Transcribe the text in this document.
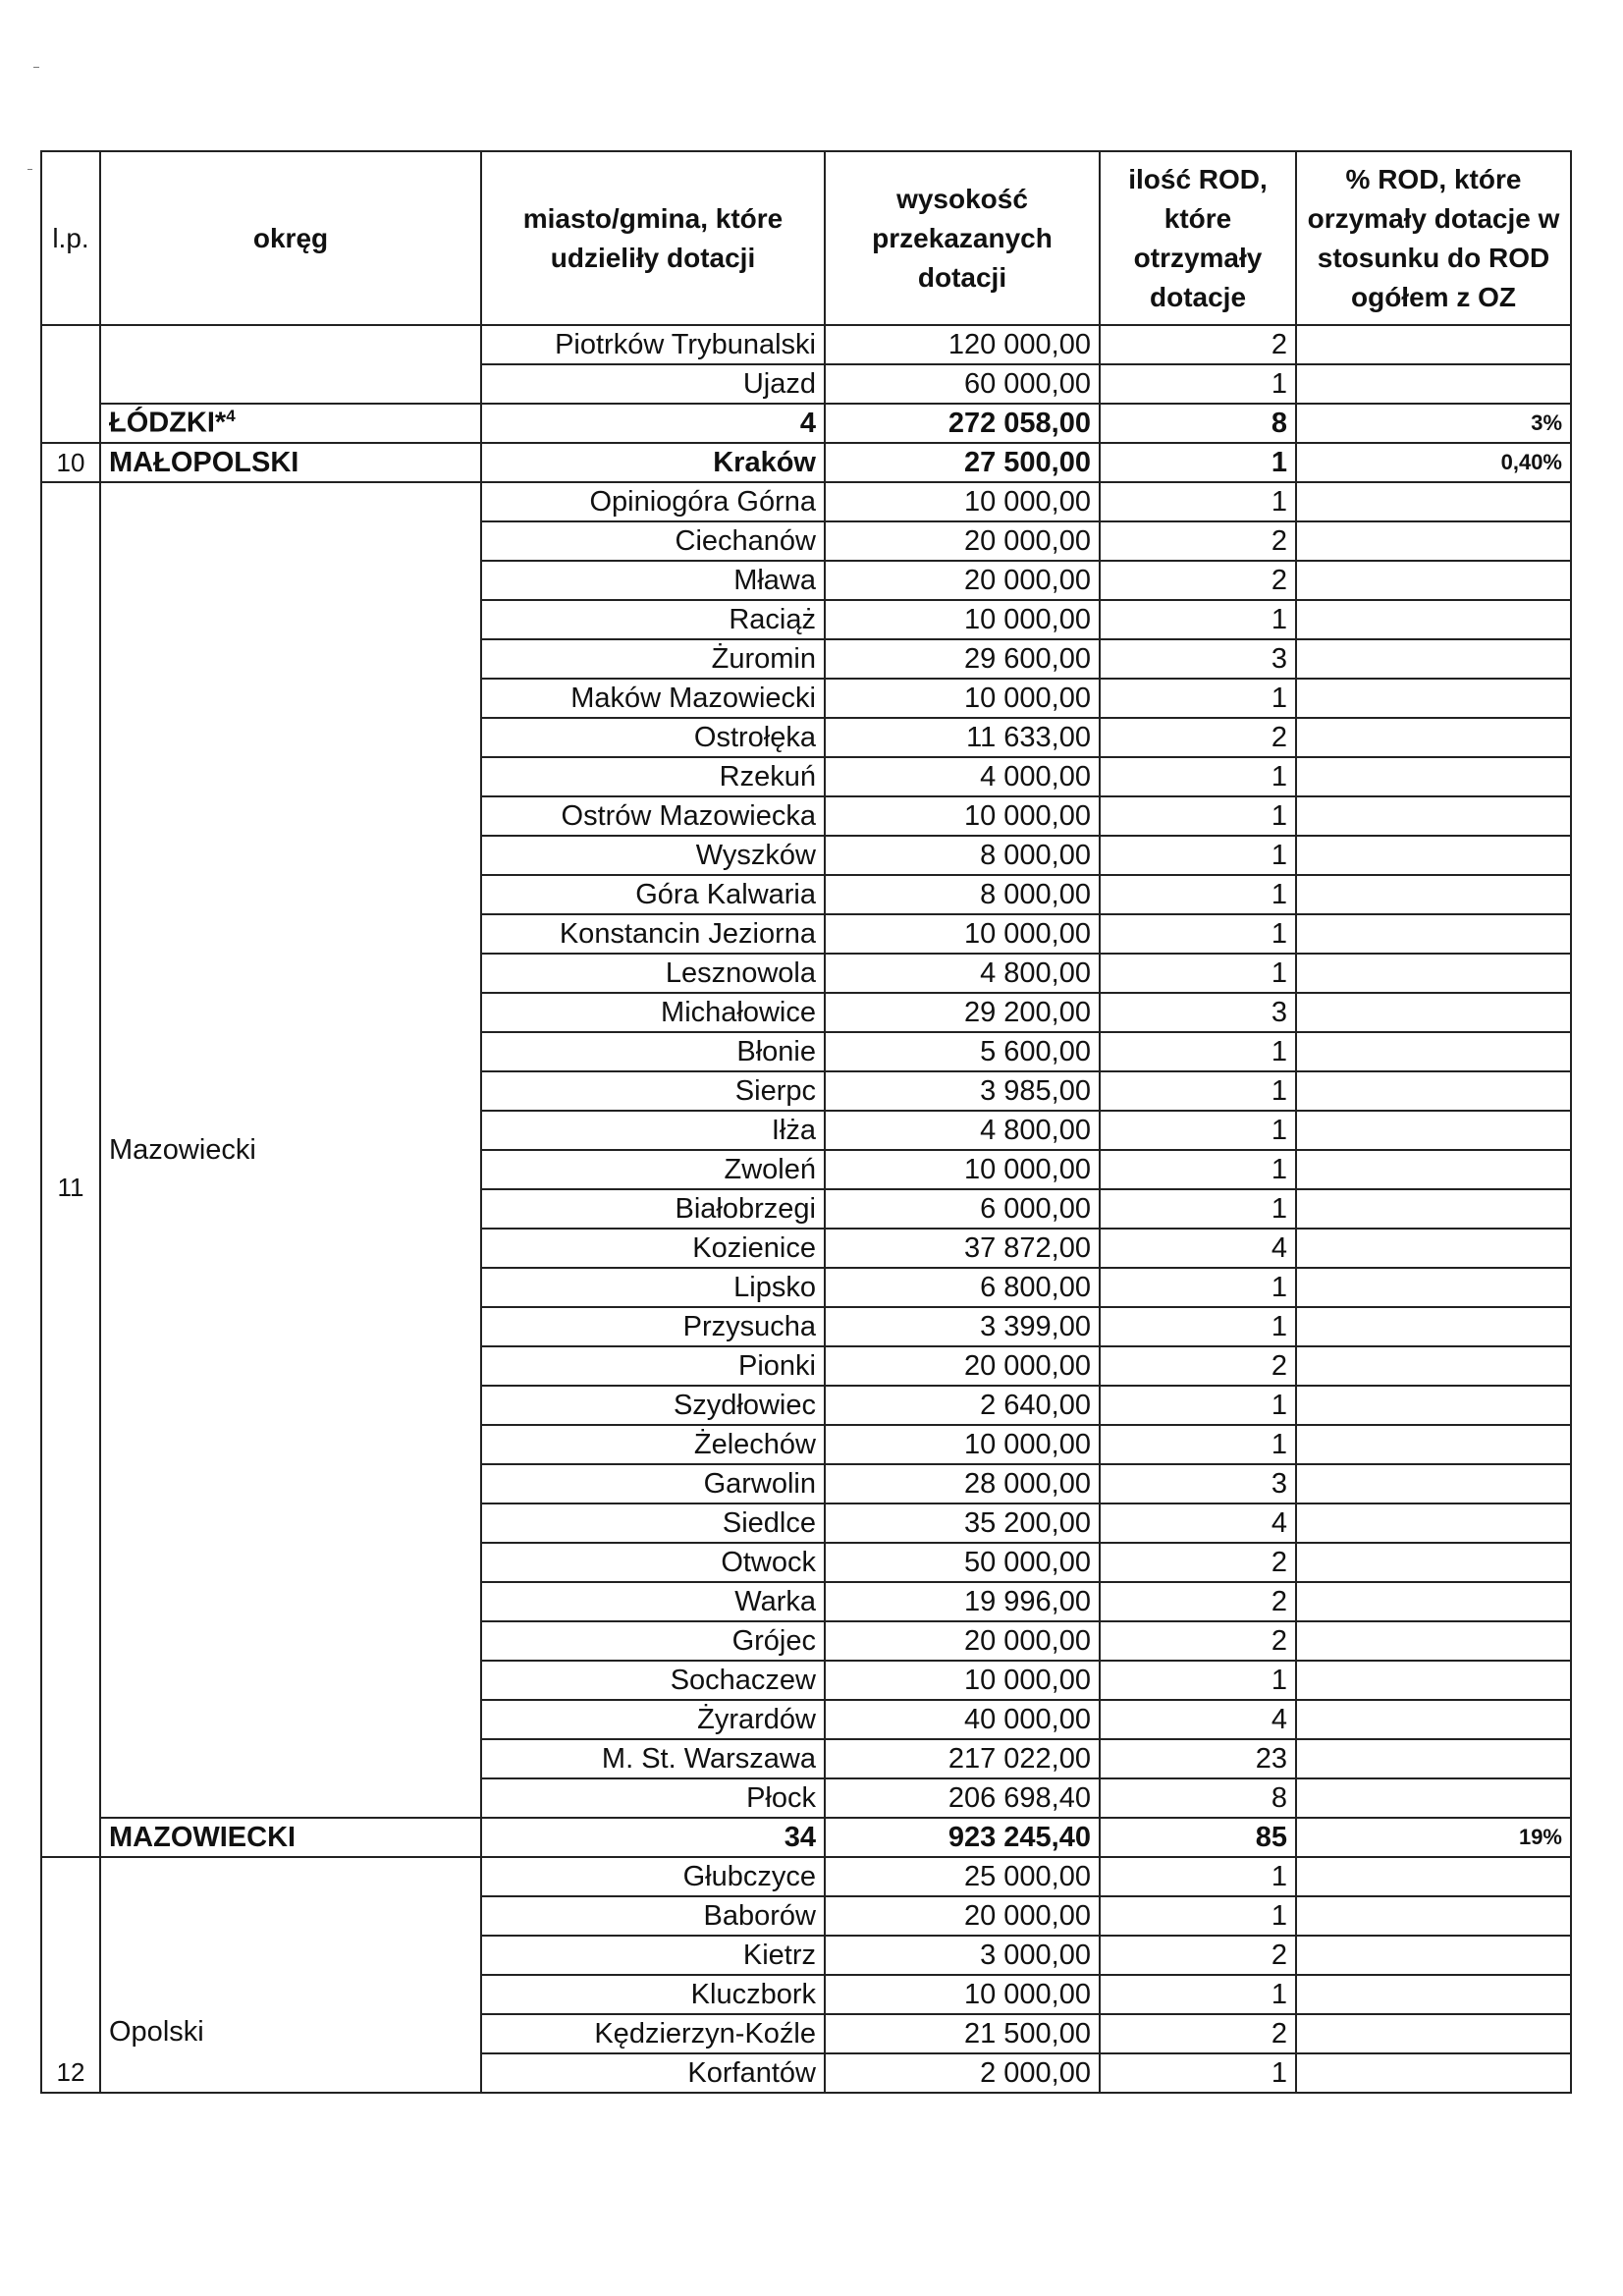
l.p.	okręg	miasto/gmina, które udzieliły dotacji	wysokość przekazanych dotacji	ilość ROD, które otrzymały dotacje	% ROD, które orzymały dotacje w stosunku do ROD ogółem z OZ
		Piotrków Trybunalski	120 000,00	2	
		Ujazd	60 000,00	1	
	ŁÓDZKI*$^4$	4	272 058,00	8	3%
10	MAŁOPOLSKI	Kraków	27 500,00	1	0,40%
11	Mazowiecki	Opiniogóra Górna	10 000,00	1	
		Ciechanów	20 000,00	2	
		Mława	20 000,00	2	
		Raciąż	10 000,00	1	
		Żuromin	29 600,00	3	
		Maków Mazowiecki	10 000,00	1	
		Ostrołęka	11 633,00	2	
		Rzekuń	4 000,00	1	
		Ostrów Mazowiecka	10 000,00	1	
		Wyszków	8 000,00	1	
		Góra Kalwaria	8 000,00	1	
		Konstancin Jeziorna	10 000,00	1	
		Lesznowola	4 800,00	1	
		Michałowice	29 200,00	3	
		Błonie	5 600,00	1	
		Sierpc	3 985,00	1	
		Iłża	4 800,00	1	
		Zwoleń	10 000,00	1	
		Białobrzegi	6 000,00	1	
		Kozienice	37 872,00	4	
		Lipsko	6 800,00	1	
		Przysucha	3 399,00	1	
		Pionki	20 000,00	2	
		Szydłowiec	2 640,00	1	
		Żelechów	10 000,00	1	
		Garwolin	28 000,00	3	
		Siedlce	35 200,00	4	
		Otwock	50 000,00	2	
		Warka	19 996,00	2	
		Grójec	20 000,00	2	
		Sochaczew	10 000,00	1	
		Żyrardów	40 000,00	4	
		M. St. Warszawa	217 022,00	23	
		Płock	206 698,40	8	
	MAZOWIECKI	34	923 245,40	85	19%
12	Opolski	Głubczyce	25 000,00	1	
		Baborów	20 000,00	1	
		Kietrz	3 000,00	2	
		Kluczbork	10 000,00	1	
		Kędzierzyn-Koźle	21 500,00	2	
		Korfantów	2 000,00	1	
